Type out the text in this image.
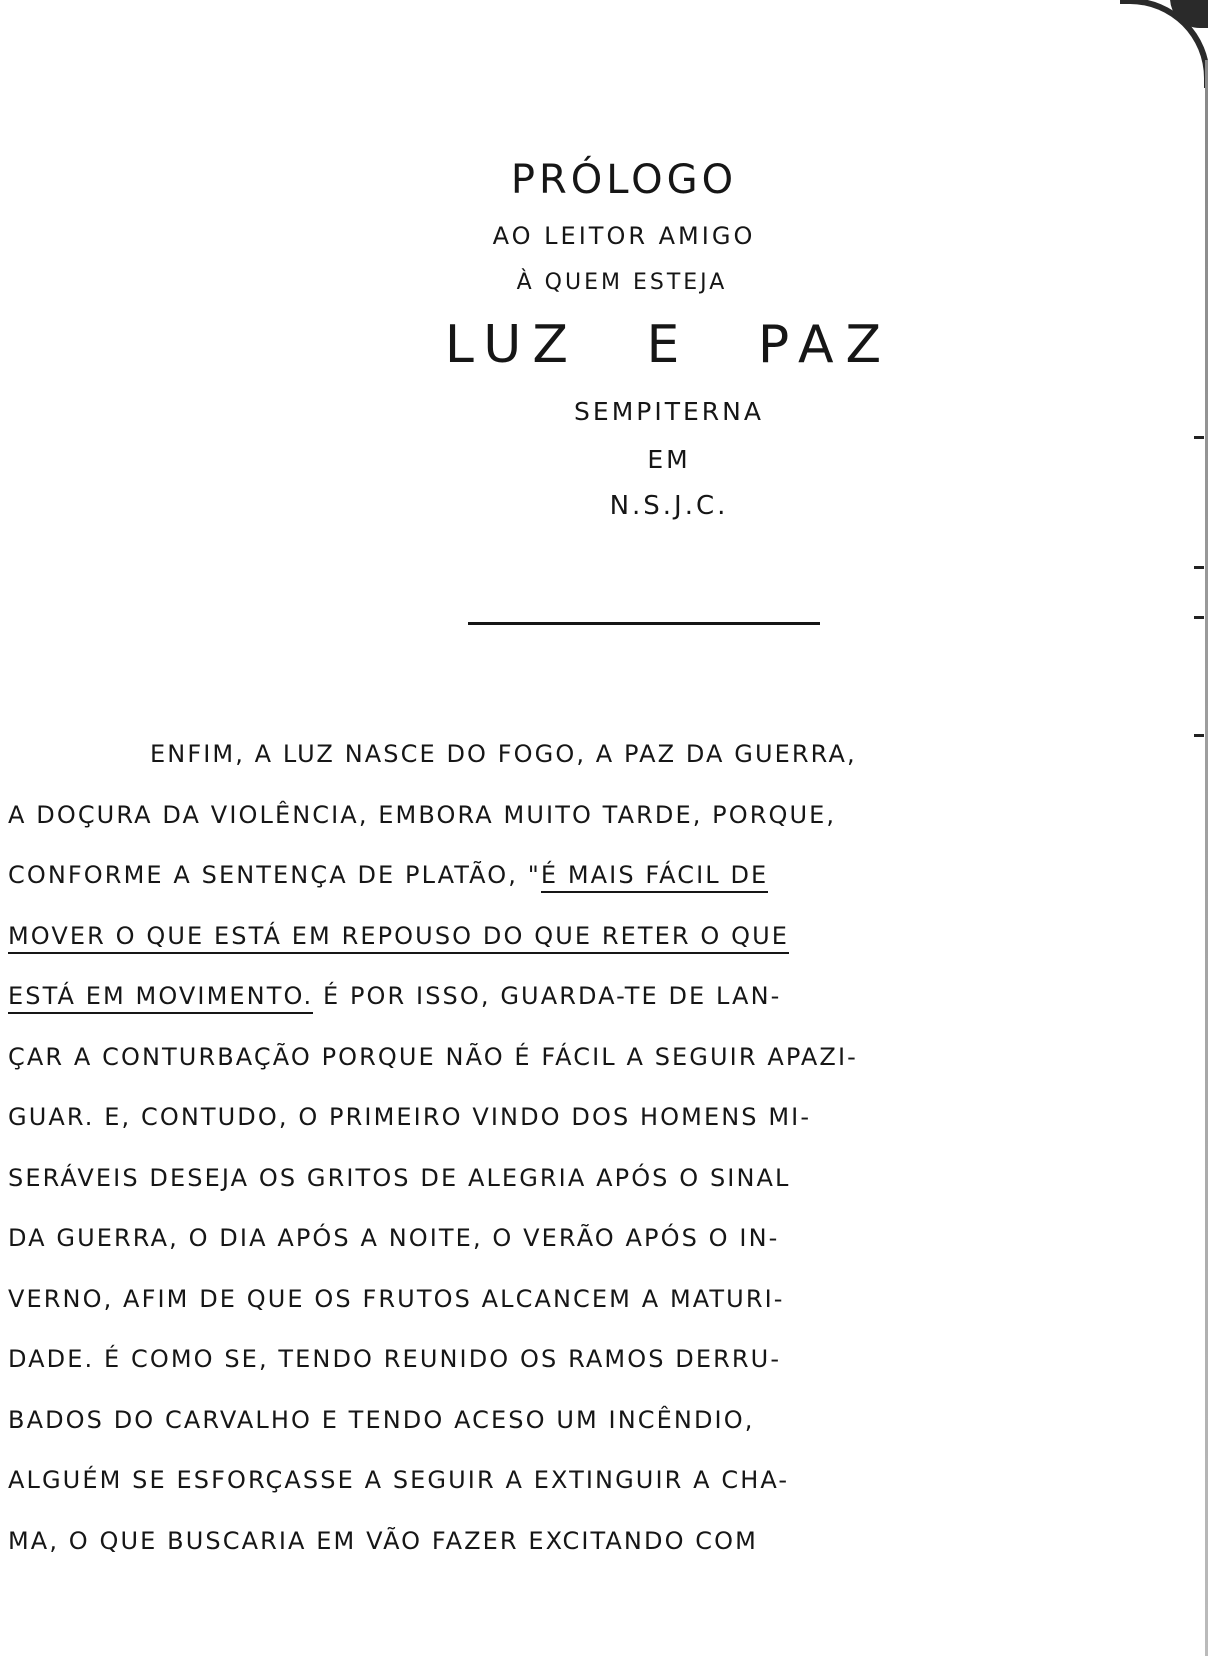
PRÓLOGO
AO LEITOR AMIGO
À QUEM ESTEJA
LUZ E PAZ
SEMPITERNA
EM
N.S.J.C.
ENFIM, A LUZ NASCE DO FOGO, A PAZ DA GUERRA,
A DOÇURA DA VIOLÊNCIA, EMBORA MUITO TARDE, PORQUE,
CONFORME A SENTENÇA DE PLATÃO, "É MAIS FÁCIL DE
MOVER O QUE ESTÁ EM REPOUSO DO QUE RETER O QUE
ESTÁ EM MOVIMENTO. É POR ISSO, GUARDA-TE DE LAN-
ÇAR A CONTURBAÇÃO PORQUE NÃO É FÁCIL A SEGUIR APAZI-
GUAR. E, CONTUDO, O PRIMEIRO VINDO DOS HOMENS MI-
SERÁVEIS DESEJA OS GRITOS DE ALEGRIA APÓS O SINAL
DA GUERRA, O DIA APÓS A NOITE, O VERÃO APÓS O IN-
VERNO, AFIM DE QUE OS FRUTOS ALCANCEM A MATURI-
DADE. É COMO SE, TENDO REUNIDO OS RAMOS DERRU-
BADOS DO CARVALHO E TENDO ACESO UM INCÊNDIO,
ALGUÉM SE ESFORÇASSE A SEGUIR A EXTINGUIR A CHA-
MA, O QUE BUSCARIA EM VÃO FAZER EXCITANDO COM
